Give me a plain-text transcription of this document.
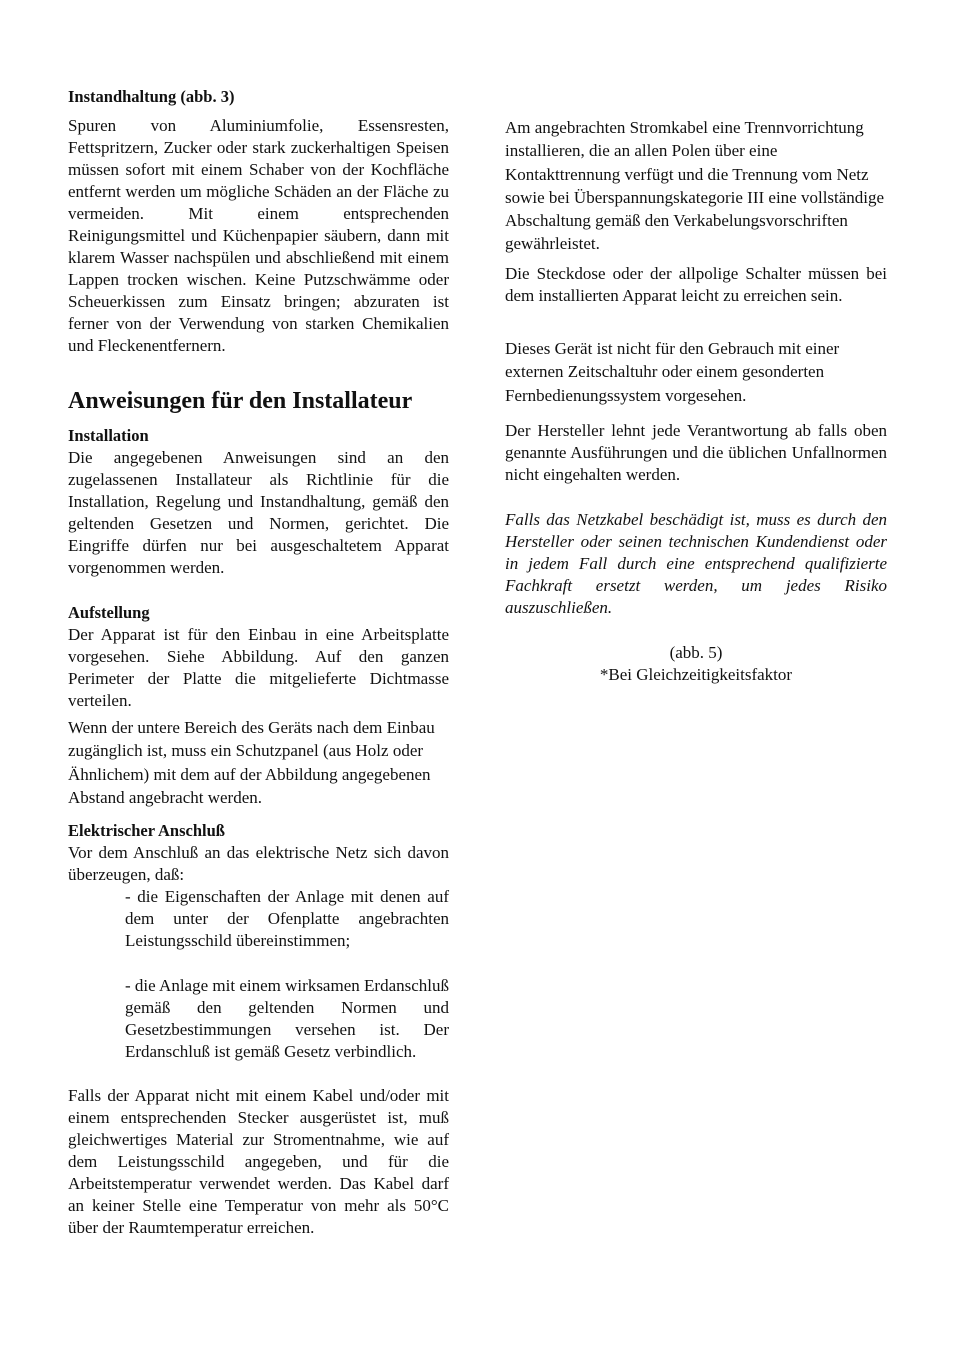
Instandhaltung (abb. 3)

Spuren von Aluminiumfolie, Essensresten, Fettspritzern, Zucker oder stark zuckerhaltigen Speisen müssen sofort mit einem Schaber von der Kochfläche entfernt werden um mögliche Schäden an der Fläche zu vermeiden. Mit einem entsprechenden Reinigungsmittel und Küchenpapier säubern, dann mit klarem Wasser nachspülen und abschließend mit einem Lappen trocken wischen. Keine Putzschwämme oder Scheuerkissen zum Einsatz bringen; abzuraten ist ferner von der Verwendung von starken Chemikalien und Fleckenentfernern.

Anweisungen für den Installateur
Installation

Die angegebenen Anweisungen sind an den zugelassenen Installateur als Richtlinie für die Installation, Regelung und Instandhaltung, gemäß den geltenden Gesetzen und Normen, gerichtet. Die Eingriffe dürfen nur bei ausgeschaltetem Apparat vorgenommen werden.

Aufstellung

Der Apparat ist für den Einbau in eine Arbeitsplatte vorgesehen. Siehe Abbildung. Auf den ganzen Perimeter der Platte die mitgelieferte Dichtmasse verteilen.

Wenn der untere Bereich des Geräts nach dem Einbau zugänglich ist, muss ein Schutzpanel (aus Holz oder Ähnlichem) mit dem auf der Abbildung angegebenen Abstand angebracht werden.

Elektrischer Anschluß

Vor dem Anschluß an das elektrische Netz sich davon überzeugen, daß:

- die Eigenschaften der Anlage mit denen auf dem unter der Ofenplatte angebrachten Leistungsschild übereinstimmen;

- die Anlage mit einem wirksamen Erdanschluß gemäß den geltenden Normen und Gesetzbestimmungen versehen ist. Der Erdanschluß ist gemäß Gesetz verbindlich.

Falls der Apparat nicht mit einem Kabel und/oder mit einem entsprechenden Stecker ausgerüstet ist, muß gleichwertiges Material zur Stromentnahme, wie auf dem Leistungsschild angegeben, und für die Arbeitstemperatur verwendet werden. Das Kabel darf an keiner Stelle eine Temperatur von mehr als 50°C über der Raumtemperatur erreichen.

Am angebrachten Stromkabel eine Trennvorrichtung installieren, die an allen Polen über eine Kontakttrennung verfügt und die Trennung vom Netz sowie bei Überspannungskategorie III eine vollständige Abschaltung gemäß den Verkabelungsvorschriften gewährleistet.

Die Steckdose oder der allpolige Schalter müssen bei dem installierten Apparat leicht zu erreichen sein.

Dieses Gerät ist nicht für den Gebrauch mit einer externen Zeitschaltuhr oder einem gesonderten Fernbedienungssystem vorgesehen.

Der Hersteller lehnt jede Verantwortung ab falls oben genannte Ausführungen und die üblichen Unfallnormen nicht eingehalten werden.

Falls das Netzkabel beschädigt ist, muss es durch den Hersteller oder seinen technischen Kundendienst oder in jedem Fall durch eine entsprechend qualifizierte Fachkraft ersetzt werden, um jedes Risiko auszuschließen.

(abb. 5)
*Bei Gleichzeitigkeitsfaktor
